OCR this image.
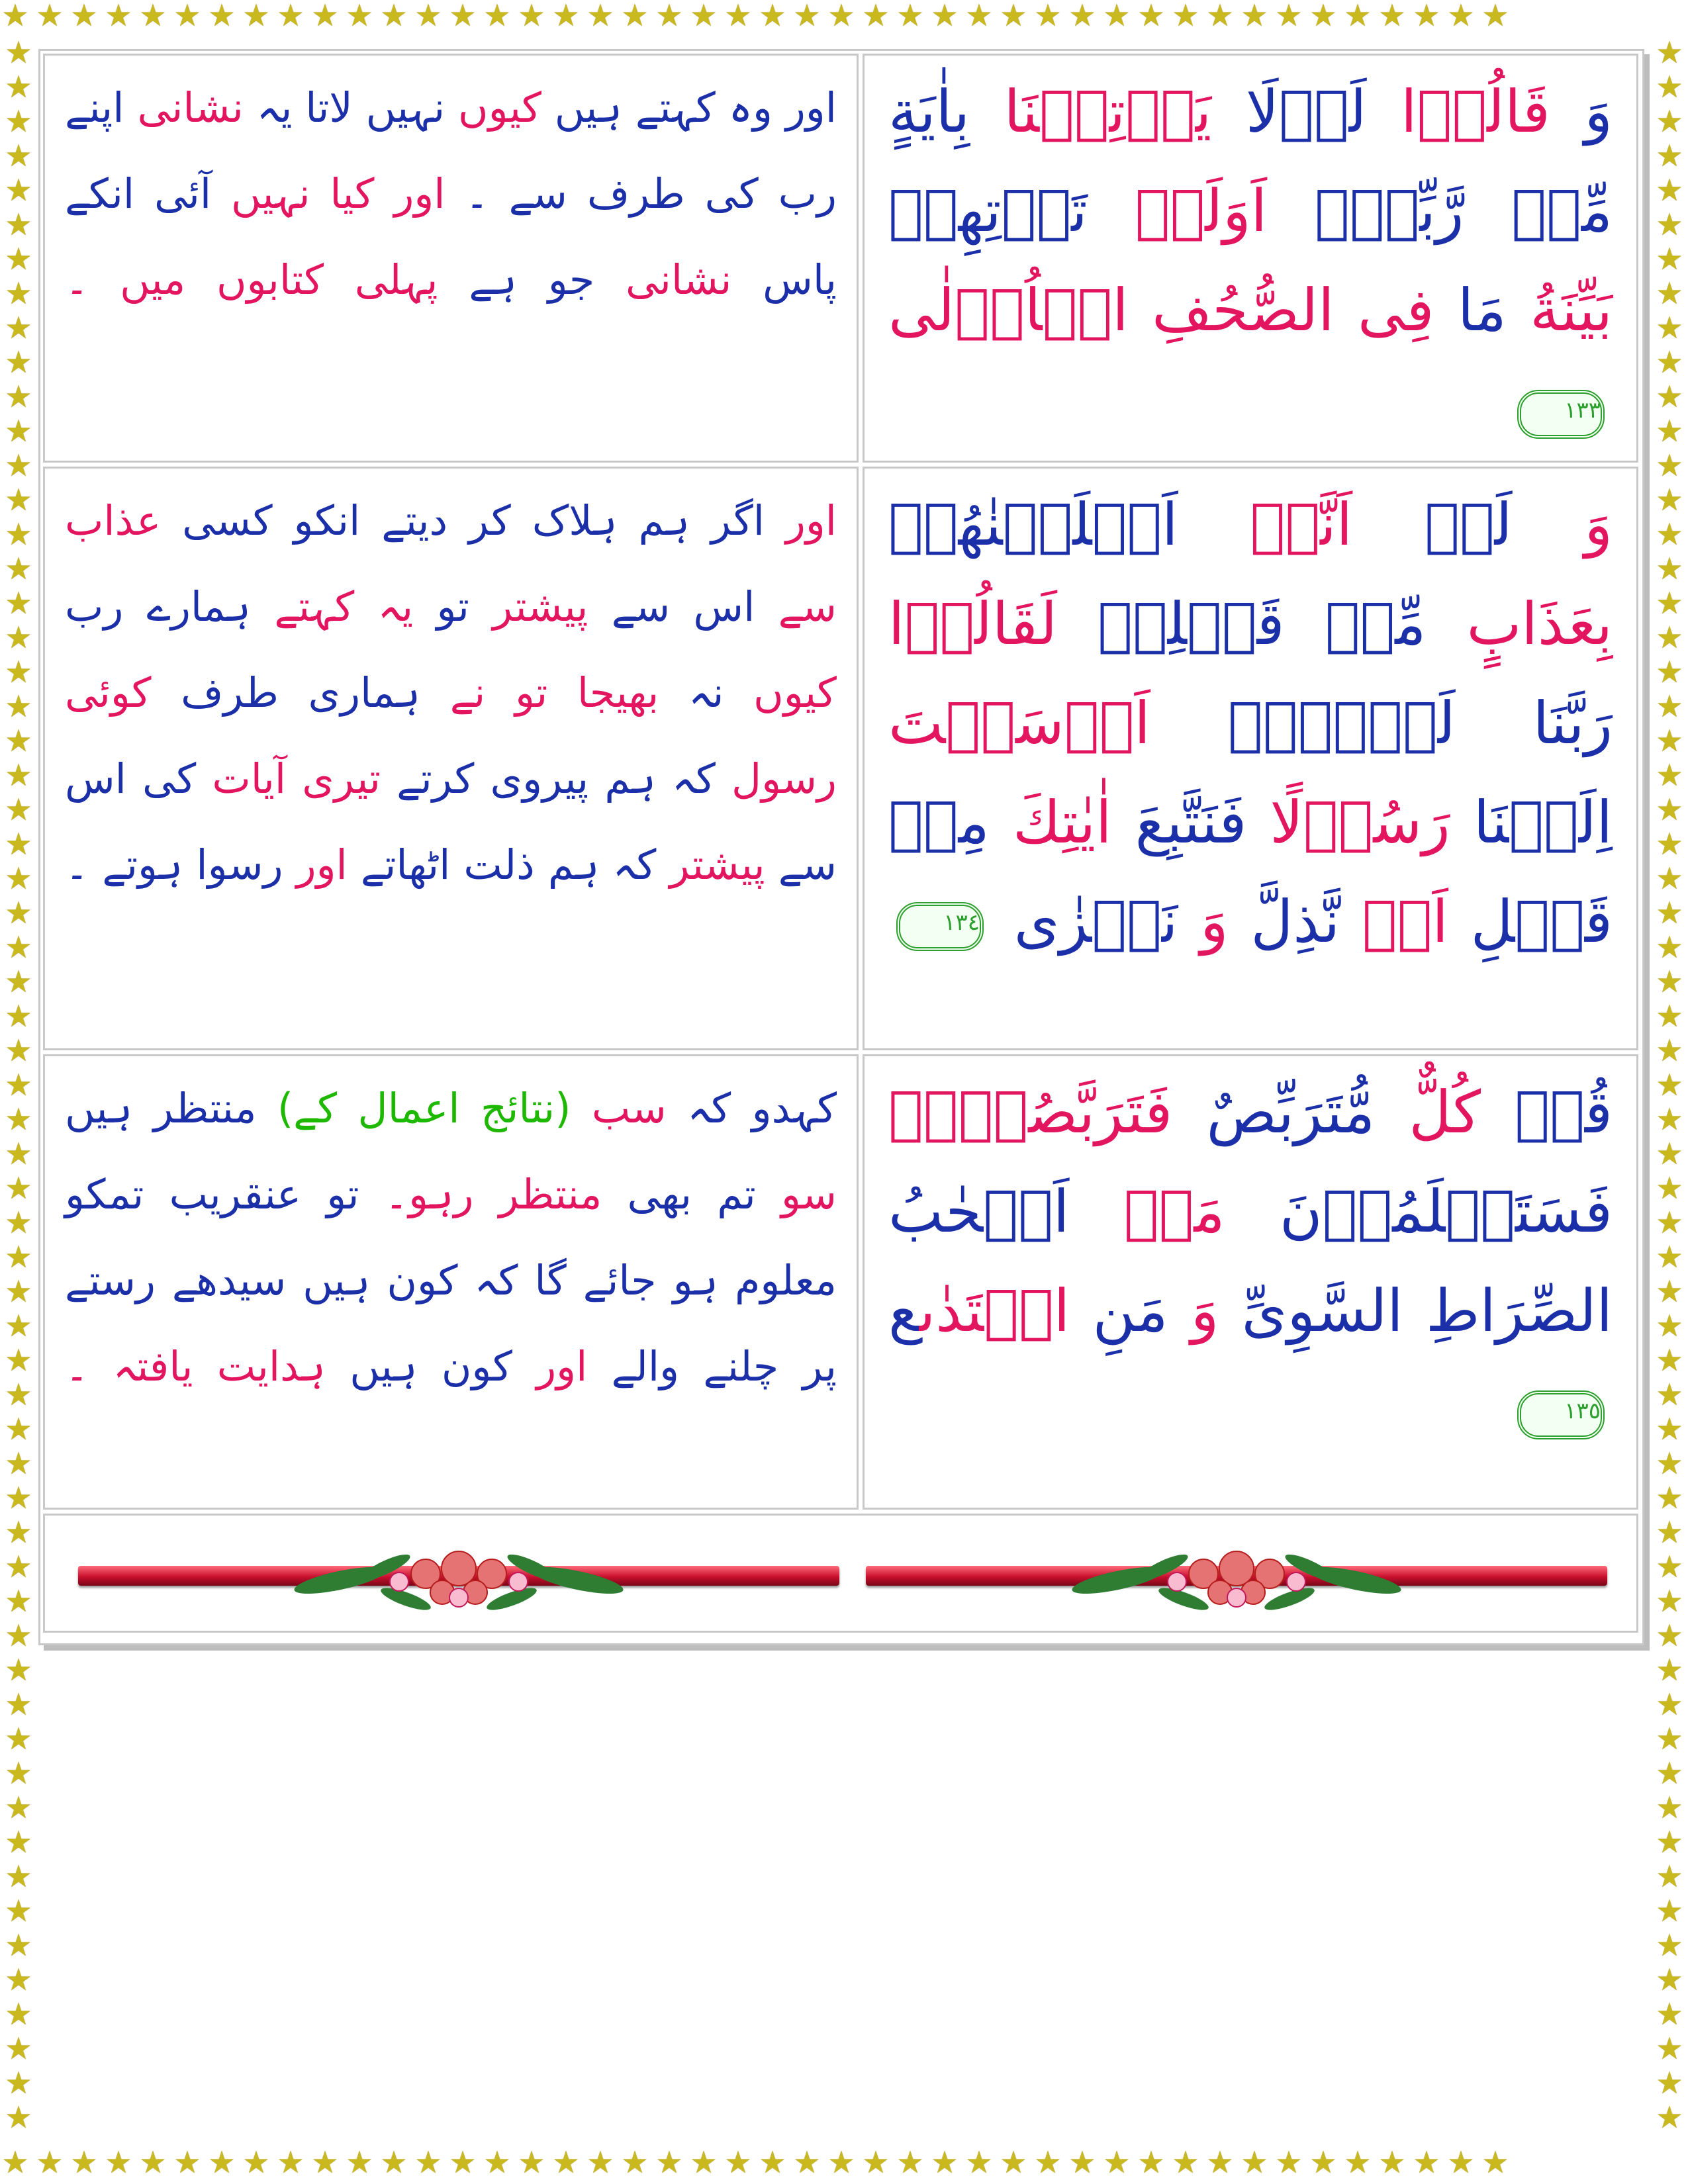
★ ★ ★ ★ ★ ★ ★ ★ ★ ★ ★ ★ ★ ★ ★ ★ ★ ★ ★ ★ ★ ★ ★ ★ ★ ★ ★ ★ ★ ★ ★ ★ ★ ★ ★ ★ ★ ★ ★ ★ ★ ★ ★ ★
★ ★ ★ ★ ★ ★ ★ ★ ★ ★ ★ ★ ★ ★ ★ ★ ★ ★ ★ ★ ★ ★ ★ ★ ★ ★ ★ ★ ★ ★ ★ ★ ★ ★ ★ ★ ★ ★ ★ ★ ★ ★ ★ ★
★
★
★
★
★
★
★
★
★
★
★
★
★
★
★
★
★
★
★
★
★
★
★
★
★
★
★
★
★
★
★
★
★
★
★
★
★
★
★
★
★
★
★
★
★
★
★
★
★
★
★
★
★
★
★
★
★
★
★
★
★
★
★
★
★
★
★
★
★
★
★
★
★
★
★
★
★
★
★
★
★
★
★
★
★
★
★
★
★
★
★
★
★
★
★
★
★
★
★
★
★
★
★
★
★
★
★
★
★
★
★
★
★
★
★
★
★
★
★
★
★
★
وَ قَالُوۡا لَوۡلَا يَاۡتِيۡنَا بِاٰيَةٍ مِّنۡ رَّبِّهٖ اَوَلَمۡ تَاۡتِهِمۡ بَيِّنَةُ مَا فِى الصُّحُفِ الۡاُوۡلٰى ١٣٣
اور وہ کہتے ہیں کیوں نہیں لاتا یہ نشانی اپنے رب کی طرف سے ۔ اور کیا نہیں آئی انکے پاس نشانی جو ہے پہلی کتابوں میں ۔
وَ لَوۡ اَنَّاۤ اَهۡلَكۡنٰهُمۡ بِعَذَابٍ مِّنۡ قَبۡلِهٖ لَقَالُوۡا رَبَّنَا لَوۡلَاۤ اَرۡسَلۡتَ اِلَيۡنَا رَسُوۡلًا فَنَتَّبِعَ اٰيٰتِكَ مِنۡ قَبۡلِ اَنۡ نَّذِلَّ وَ نَخۡزٰى ١٣٤
اور اگر ہم ہلاک کر دیتے انکو کسی عذاب سے اس سے پیشتر تو یہ کہتے ہمارے رب کیوں نہ بھیجا تو نے ہماری طرف کوئی رسول کہ ہم پیروی کرتے تیری آیات کی اس سے پیشتر کہ ہم ذلت اٹھاتے اور رسوا ہوتے ۔
قُلۡ كُلٌّ مُّتَرَبِّصٌ فَتَرَبَّصُوۡا فَسَتَعۡلَمُوۡنَ مَنۡ اَصۡحٰبُ الصِّرَاطِ السَّوِىِّ وَ مَنِ اهۡتَدٰىع ١٣٥
کہدو کہ سب (نتائج اعمال کے) منتظر ہیں سو تم بھی منتظر رہو۔ تو عنقریب تمکو معلوم ہو جائے گا کہ کون ہیں سیدھے رستے پر چلنے والے اور کون ہیں ہدایت یافتہ ۔
